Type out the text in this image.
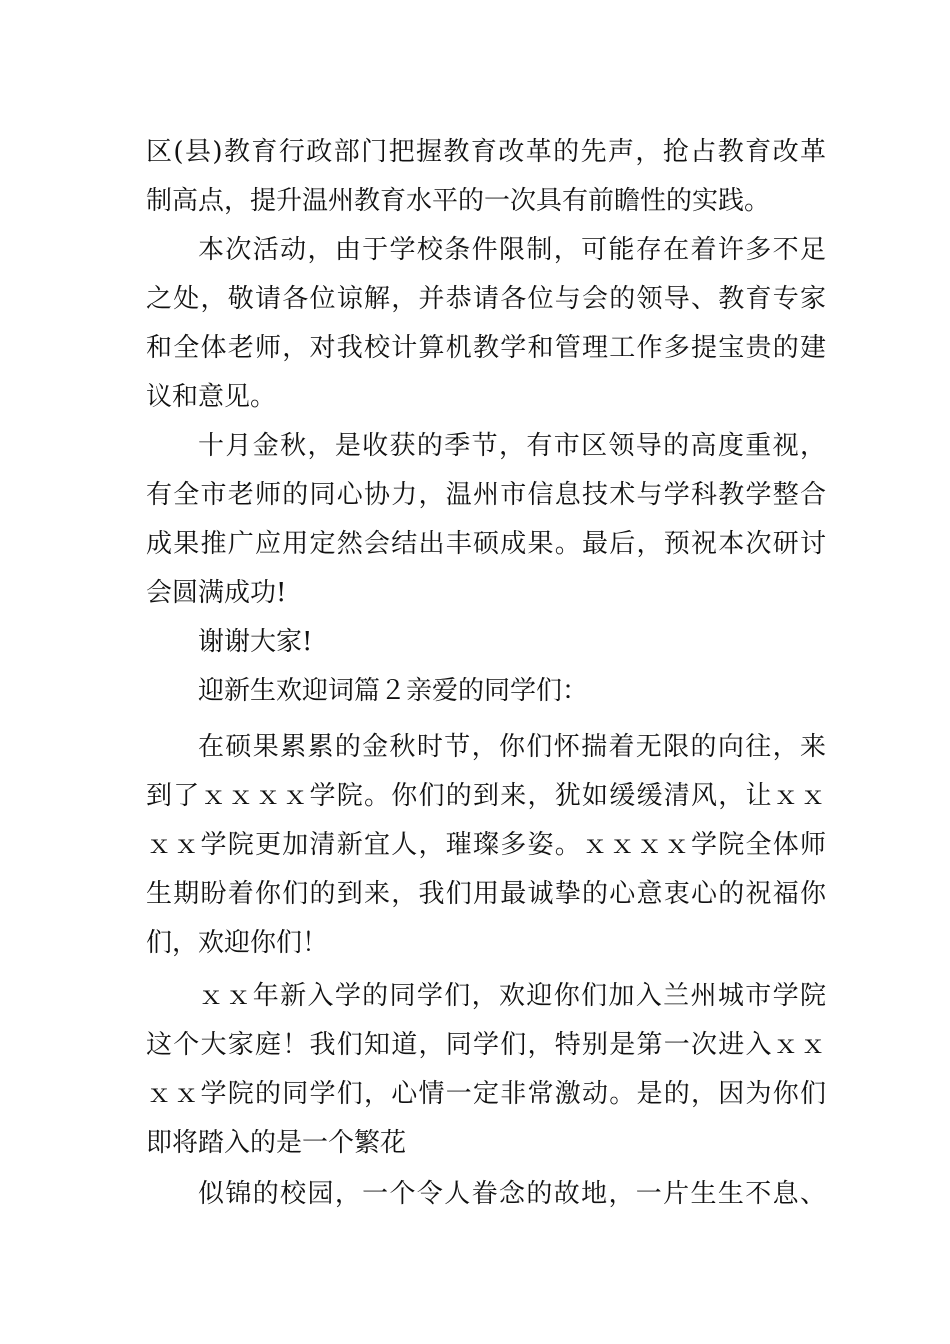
区(县)教育行政部门把握教育改革的先声，抢占教育改革
制高点，提升温州教育水平的一次具有前瞻性的实践。
本次活动，由于学校条件限制，可能存在着许多不足
之处，敬请各位谅解，并恭请各位与会的领导、教育专家
和全体老师，对我校计算机教学和管理工作多提宝贵的建
议和意见。
十月金秋，是收获的季节，有市区领导的高度重视，
有全市老师的同心协力，温州市信息技术与学科教学整合
成果推广应用定然会结出丰硕成果。最后，预祝本次研讨
会圆满成功!
谢谢大家!
迎新生欢迎词篇２亲爱的同学们：
在硕果累累的金秋时节，你们怀揣着无限的向往，来
到了ｘｘｘｘ学院。你们的到来，犹如缓缓清风，让ｘｘ
ｘｘ学院更加清新宜人，璀璨多姿。ｘｘｘｘ学院全体师
生期盼着你们的到来，我们用最诚挚的心意衷心的祝福你
们，欢迎你们！
ｘｘ年新入学的同学们，欢迎你们加入兰州城市学院
这个大家庭！我们知道，同学们，特别是第一次进入ｘｘ
ｘｘ学院的同学们，心情一定非常激动。是的，因为你们
即将踏入的是一个繁花
似锦的校园，一个令人眷念的故地，一片生生不息、
